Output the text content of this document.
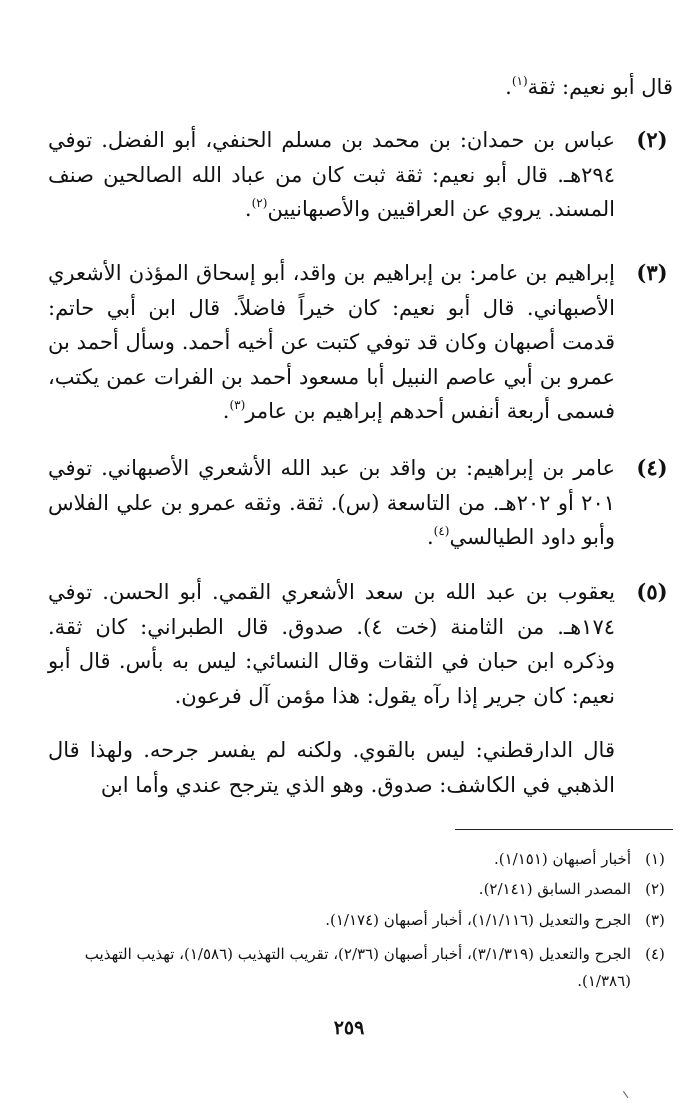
قال أبو نعيم: ثقة$^{(١)}$.
(٢)
عباس بن حمدان: بن محمد بن مسلم الحنفي، أبو الفضل. توفي ٢٩٤هـ. قال أبو نعيم: ثقة ثبت كان من عباد الله الصالحين صنف المسند. يروي عن العراقيين والأصبهانيين$^{(٢)}$.
(٣)
إبراهيم بن عامر: بن إبراهيم بن واقد، أبو إسحاق المؤذن الأشعري الأصبهاني. قال أبو نعيم: كان خيراً فاضلاً. قال ابن أبي حاتم: قدمت أصبهان وكان قد توفي كتبت عن أخيه أحمد. وسأل أحمد بن عمرو بن أبي عاصم النبيل أبا مسعود أحمد بن الفرات عمن يكتب، فسمى أربعة أنفس أحدهم إبراهيم بن عامر$^{(٣)}$.
(٤)
عامر بن إبراهيم: بن واقد بن عبد الله الأشعري الأصبهاني. توفي ٢٠١ أو ٢٠٢هـ. من التاسعة (س). ثقة. وثقه عمرو بن علي الفلاس وأبو داود الطيالسي$^{(٤)}$.
(٥)
يعقوب بن عبد الله بن سعد الأشعري القمي. أبو الحسن. توفي ١٧٤هـ. من الثامنة (خت ٤). صدوق. قال الطبراني: كان ثقة. وذكره ابن حبان في الثقات وقال النسائي: ليس به بأس. قال أبو نعيم: كان جرير إذا رآه يقول: هذا مؤمن آل فرعون.
قال الدارقطني: ليس بالقوي. ولكنه لم يفسر جرحه. ولهذا قال الذهبي في الكاشف: صدوق. وهو الذي يترجح عندي وأما ابن
(١)
أخبار أصبهان (١/١٥١).
(٢)
المصدر السابق (٢/١٤١).
(٣)
الجرح والتعديل (١/١/١١٦)، أخبار أصبهان (١/١٧٤).
(٤)
الجرح والتعديل (٣/١/٣١٩)، أخبار أصبهان (٢/٣٦)، تقريب التهذيب (١/٥٨٦)، تهذيب التهذيب (١/٣٨٦).
٢٥٩
